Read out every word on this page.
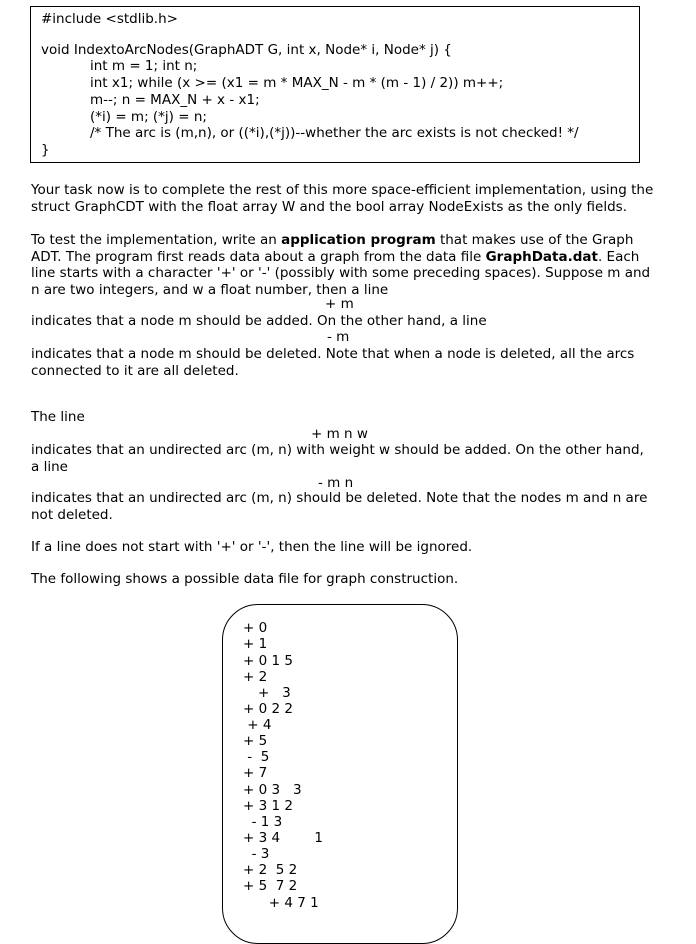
#include <stdlib.h>
void IndextoArcNodes(GraphADT G, int x, Node* i, Node* j) {
int m = 1; int n;
int x1; while (x >= (x1 = m * MAX_N - m * (m - 1) / 2)) m++;
m--; n = MAX_N + x - x1;
(*i) = m; (*j) = n;
/* The arc is (m,n), or ((*i),(*j))--whether the arc exists is not checked! */
}

Your task now is to complete the rest of this more space-efficient implementation, using the struct GraphCDT with the float array W and the bool array NodeExists as the only fields.

To test the implementation, write an application program that makes use of the Graph ADT. The program first reads data about a graph from the data file GraphData.dat. Each line starts with a character '+' or '-' (possibly with some preceding spaces). Suppose m and n are two integers, and w a float number, then a line

+ m

indicates that a node m should be added. On the other hand, a line

- m

indicates that a node m should be deleted. Note that when a node is deleted, all the arcs connected to it are all deleted.

The line

+ m n w

indicates that an undirected arc (m, n) with weight w should be added. On the other hand, a line

- m n

indicates that an undirected arc (m, n) should be deleted. Note that the nodes m and n are not deleted.

If a line does not start with '+' or '-', then the line will be ignored.

The following shows a possible data file for graph construction.

+ 0
+ 1
+ 0 1 5
+ 2
+   3
+ 0 2 2
+ 4
+ 5
-  5
+ 7
+ 0 3   3
+ 3 1 2
- 1 3
+ 3 4        1
- 3
+ 2  5 2
+ 5  7 2
+ 4 7 1
